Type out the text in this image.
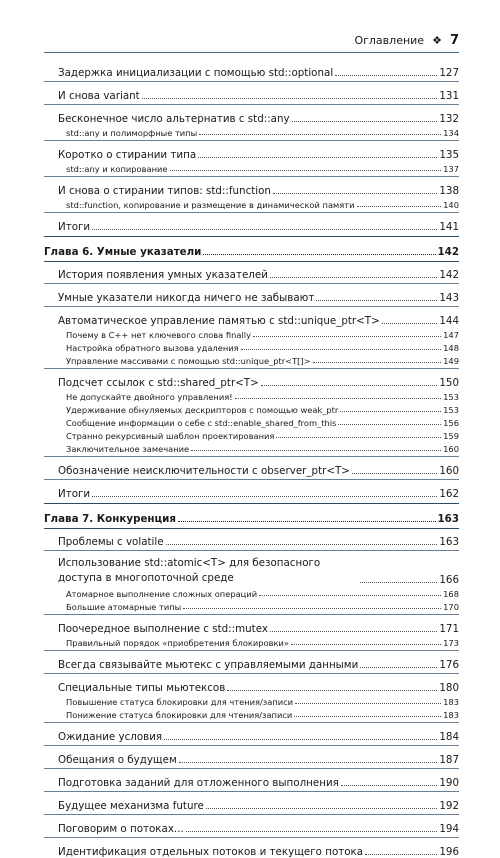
Оглавление ❖ 7
Задержка инициализации с помощью std::optional	127
И снова variant	131
Бесконечное число альтернатив с std::any	132
std::any и полиморфные типы	134
Коротко о стирании типа	135
std::any и копирование	137
И снова о стирании типов: std::function	138
std::function, копирование и размещение в динамической памяти	140
Итоги	141
Глава 6. Умные указатели	142
История появления умных указателей	142
Умные указатели никогда ничего не забывают	143
Автоматическое управление памятью с std::unique_ptr<T>	144
Почему в C++ нет ключевого слова finally	147
Настройка обратного вызова удаления	148
Управление массивами с помощью std::unique_ptr<T[]>	149
Подсчет ссылок с std::shared_ptr<T>	150
Не допускайте двойного управления!	153
Удерживание обнуляемых дескрипторов с помощью weak_ptr	153
Сообщение информации о себе с std::enable_shared_from_this	156
Странно рекурсивный шаблон проектирования	159
Заключительное замечание	160
Обозначение неисключительности с observer_ptr<T>	160
Итоги	162
Глава 7. Конкуренция	163
Проблемы с volatile	163
Использование std::atomic<T> для безопасного доступа в многопоточной среде	166
Атомарное выполнение сложных операций	168
Большие атомарные типы	170
Поочередное выполнение с std::mutex	171
Правильный порядок «приобретения блокировки»	173
Всегда связывайте мьютекс с управляемыми данными	176
Специальные типы мьютексов	180
Повышение статуса блокировки для чтения/записи	183
Понижение статуса блокировки для чтения/записи	183
Ожидание условия	184
Обещания о будущем	187
Подготовка заданий для отложенного выполнения	190
Будущее механизма future	192
Поговорим о потоках...	194
Идентификация отдельных потоков и текущего потока	196
